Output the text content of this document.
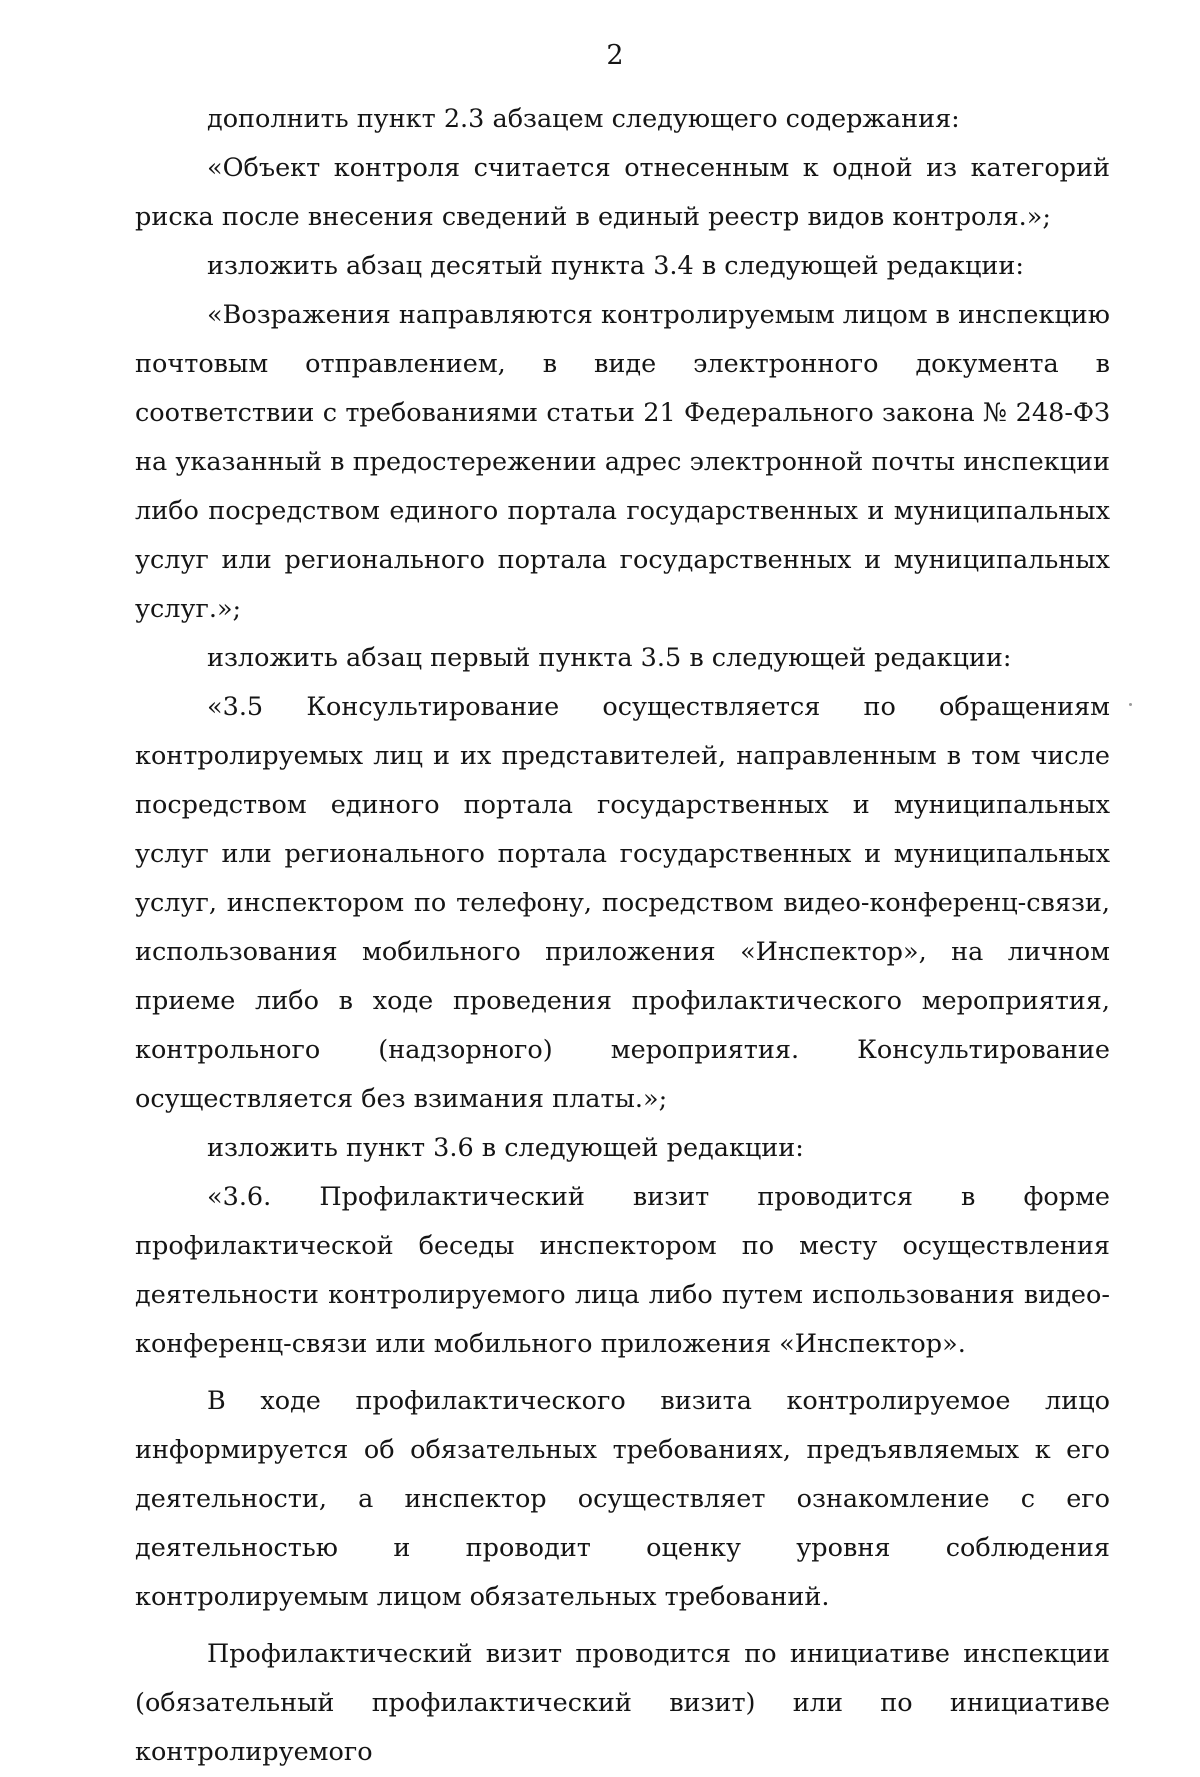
2

дополнить пункт 2.3 абзацем следующего содержания:

«Объект контроля считается отнесенным к одной из категорий риска после внесения сведений в единый реестр видов контроля.»;

изложить абзац десятый пункта 3.4 в следующей редакции:

«Возражения направляются контролируемым лицом в инспекцию почтовым отправлением, в виде электронного документа в соответствии с требованиями статьи 21 Федерального закона № 248-ФЗ на указанный в предостережении адрес электронной почты инспекции либо посредством единого портала государственных и муниципальных услуг или регионального портала государственных и муниципальных услуг.»;

изложить абзац первый пункта 3.5 в следующей редакции:

«3.5 Консультирование осуществляется по обращениям контролируемых лиц и их представителей, направленным в том числе посредством единого портала государственных и муниципальных услуг или регионального портала государственных и муниципальных услуг, инспектором по телефону, посредством видео-конференц-связи, использования мобильного приложения «Инспектор», на личном приеме либо в ходе проведения профилактического мероприятия, контрольного (надзорного) мероприятия. Консультирование осуществляется без взимания платы.»;

изложить пункт 3.6 в следующей редакции:

«3.6. Профилактический визит проводится в форме профилактической беседы инспектором по месту осуществления деятельности контролируемого лица либо путем использования видео-конференц-связи или мобильного приложения «Инспектор».

В ходе профилактического визита контролируемое лицо информируется об обязательных требованиях, предъявляемых к его деятельности, а инспектор осуществляет ознакомление с его деятельностью и проводит оценку уровня соблюдения контролируемым лицом обязательных требований.

Профилактический визит проводится по инициативе инспекции (обязательный профилактический визит) или по инициативе контролируемого
